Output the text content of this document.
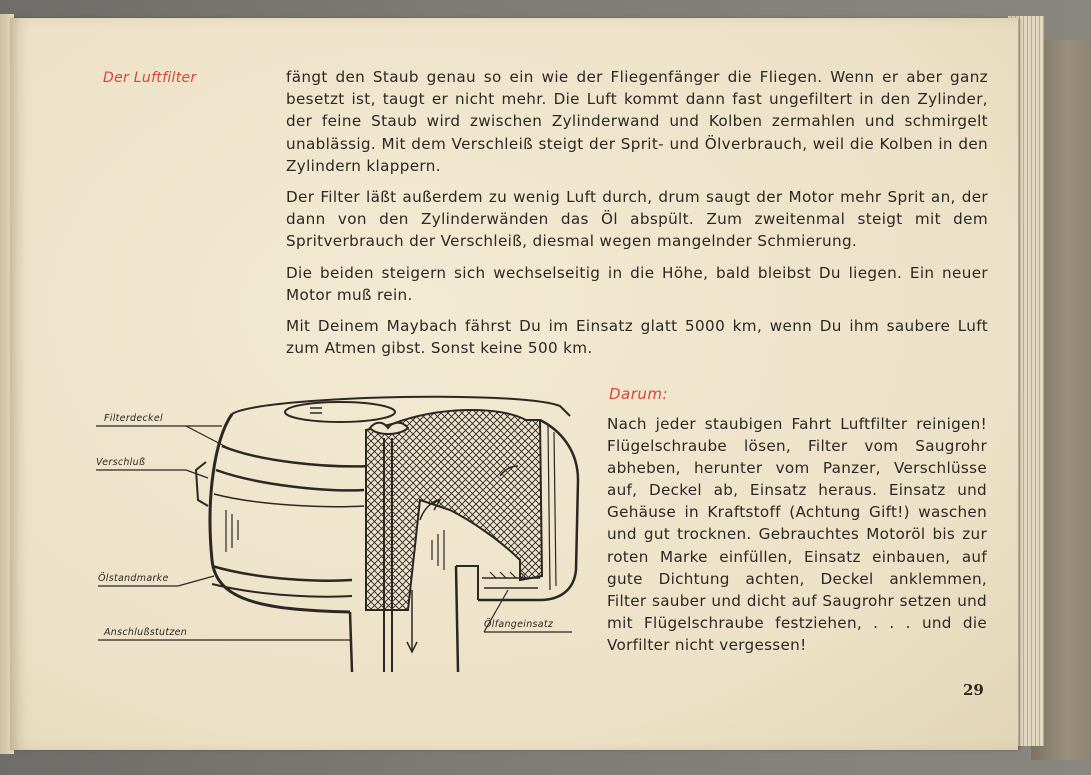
Der Luftfilter	fängt den Staub genau so ein wie der Fliegenfänger die Fliegen. Wenn er aber ganz besetzt ist, taugt er nicht mehr. Die Luft kommt dann fast ungefiltert in den Zylinder, der feine Staub wird zwischen Zylinderwand und Kolben zermahlen und schmirgelt unablässig. Mit dem Verschleiß steigt der Sprit- und Ölverbrauch, weil die Kolben in den Zylindern klappern.

Der Filter läßt außerdem zu wenig Luft durch, drum saugt der Motor mehr Sprit an, der dann von den Zylinderwänden das Öl abspült. Zum zweitenmal steigt mit dem Spritverbrauch der Verschleiß, diesmal wegen mangelnder Schmierung.

Die beiden steigern sich wechselseitig in die Höhe, bald bleibst Du liegen. Ein neuer Motor muß rein.

Mit Deinem Maybach fährst Du im Einsatz glatt 5000 km, wenn Du ihm saubere Luft zum Atmen gibst. Sonst keine 500 km.

Darum:

Nach jeder staubigen Fahrt Luftfilter reinigen! Flügelschraube lösen, Filter vom Saugrohr abheben, herunter vom Panzer, Verschlüsse auf, Deckel ab, Einsatz heraus. Einsatz und Gehäuse in Kraftstoff (Achtung Gift!) waschen und gut trocknen. Gebrauchtes Motoröl bis zur roten Marke einfüllen, Einsatz einbauen, auf gute Dichtung achten, Deckel anklemmen, Filter sauber und dicht auf Saugrohr setzen und mit Flügelschraube festziehen, . . . und die Vorfilter nicht vergessen!

Filterdeckel
Verschluß
Ölstandmarke
Anschlußstutzen
Ölfangeinsatz
29
